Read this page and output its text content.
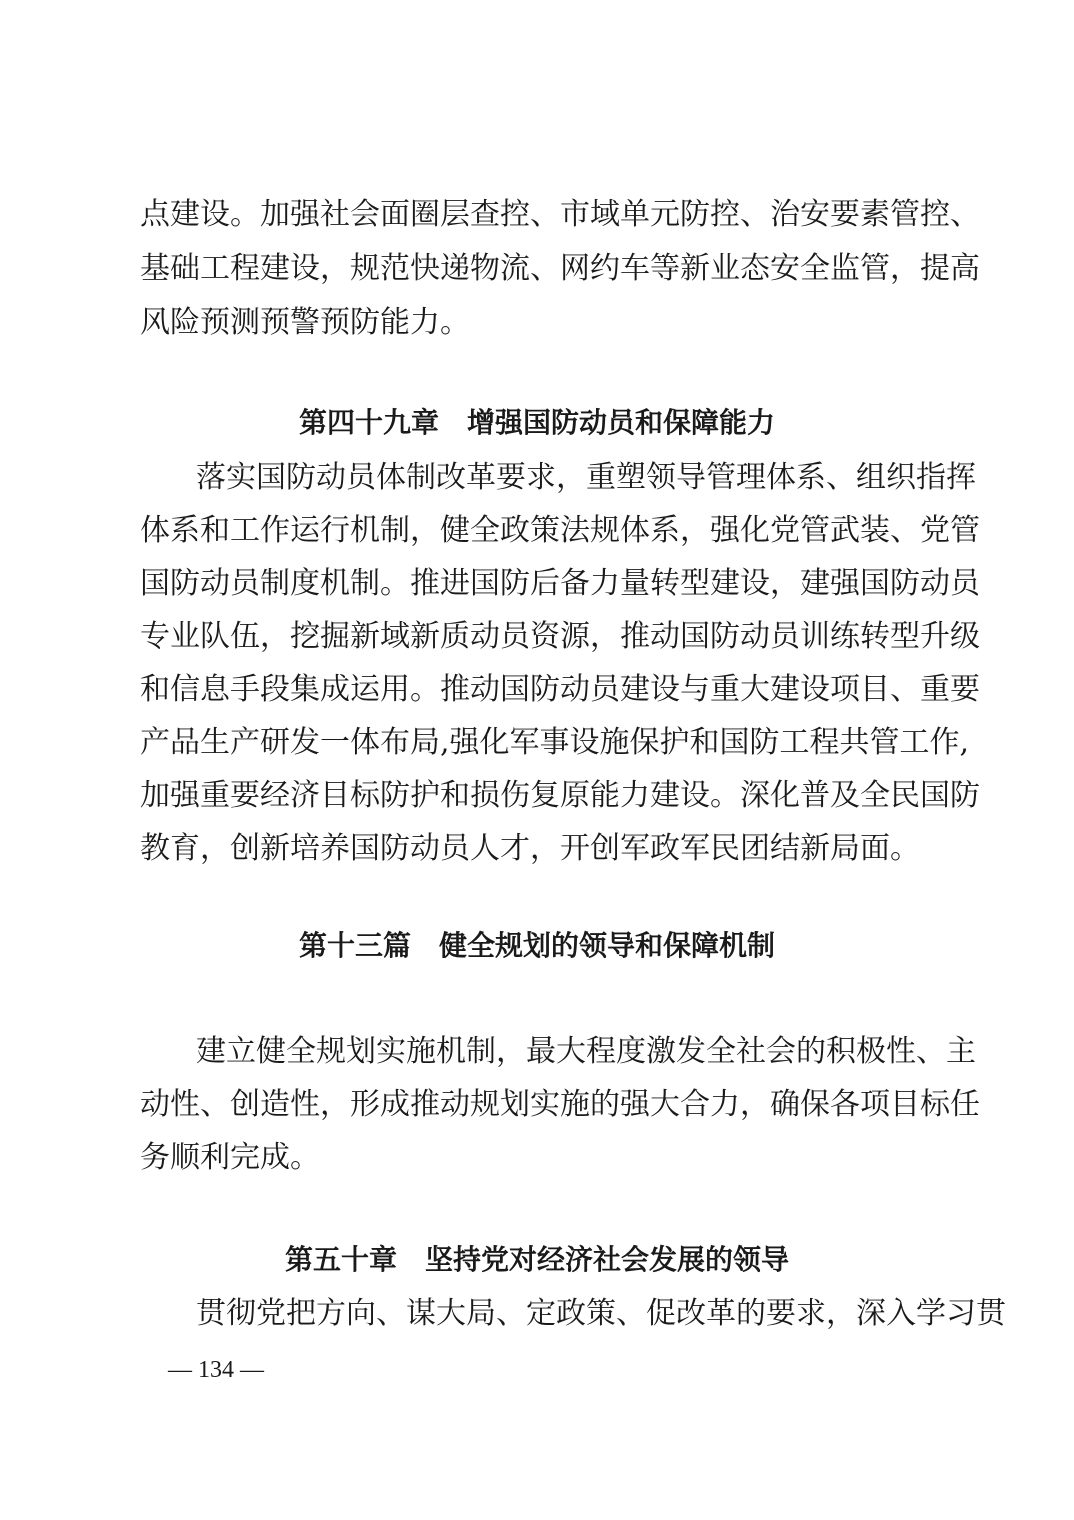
点建设。加强社会面圈层查控、市域单元防控、治安要素管控、
基础工程建设，规范快递物流、网约车等新业态安全监管，提高
风险预测预警预防能力。
第四十九章　增强国防动员和保障能力
落实国防动员体制改革要求，重塑领导管理体系、组织指挥
体系和工作运行机制，健全政策法规体系，强化党管武装、党管
国防动员制度机制。推进国防后备力量转型建设，建强国防动员
专业队伍，挖掘新域新质动员资源，推动国防动员训练转型升级
和信息手段集成运用。推动国防动员建设与重大建设项目、重要
产品生产研发一体布局,强化军事设施保护和国防工程共管工作,
加强重要经济目标防护和损伤复原能力建设。深化普及全民国防
教育，创新培养国防动员人才，开创军政军民团结新局面。
第十三篇　健全规划的领导和保障机制
建立健全规划实施机制，最大程度激发全社会的积极性、主
动性、创造性，形成推动规划实施的强大合力，确保各项目标任
务顺利完成。
第五十章　坚持党对经济社会发展的领导
贯彻党把方向、谋大局、定政策、促改革的要求，深入学习贯
— 134 —
